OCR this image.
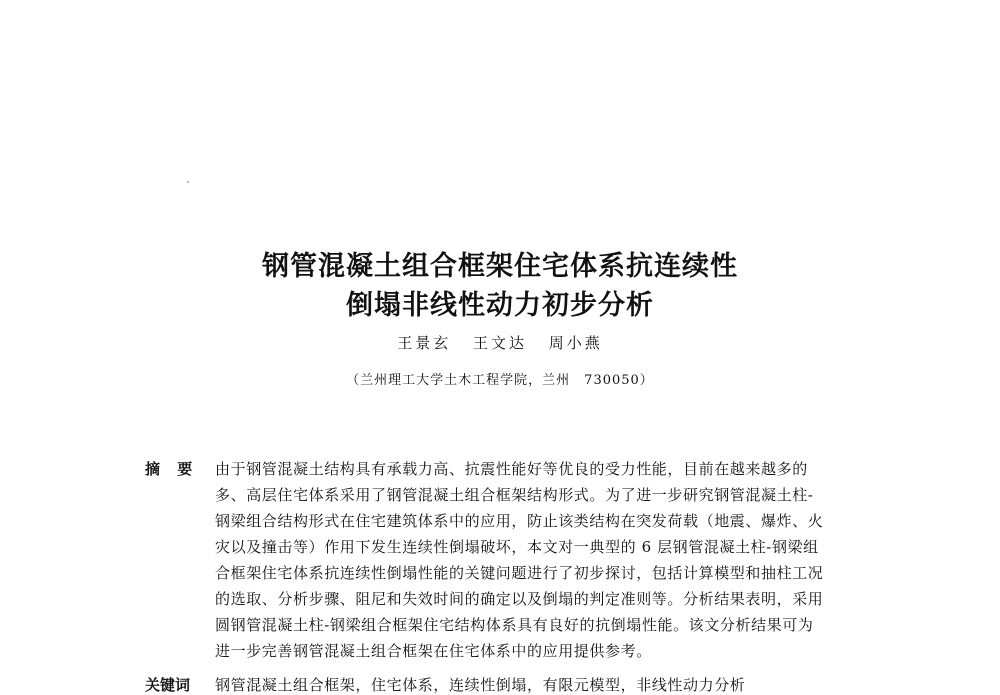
钢管混凝土组合框架住宅体系抗连续性
倒塌非线性动力初步分析
王景玄 王文达 周小燕
（兰州理工大学土木工程学院，兰州　730050）
摘 要 由于钢管混凝土结构具有承载力高、抗震性能好等优良的受力性能，目前在越来越多的
多、高层住宅体系采用了钢管混凝土组合框架结构形式。为了进一步研究钢管混凝土柱-
钢梁组合结构形式在住宅建筑体系中的应用，防止该类结构在突发荷载（地震、爆炸、火
灾以及撞击等）作用下发生连续性倒塌破坏，本文对一典型的 6 层钢管混凝土柱-钢梁组
合框架住宅体系抗连续性倒塌性能的关键问题进行了初步探讨，包括计算模型和抽柱工况
的选取、分析步骤、阻尼和失效时间的确定以及倒塌的判定准则等。分析结果表明，采用
圆钢管混凝土柱-钢梁组合框架住宅结构体系具有良好的抗倒塌性能。该文分析结果可为
进一步完善钢管混凝土组合框架在住宅体系中的应用提供参考。
关键词 钢管混凝土组合框架，住宅体系，连续性倒塌，有限元模型，非线性动力分析
